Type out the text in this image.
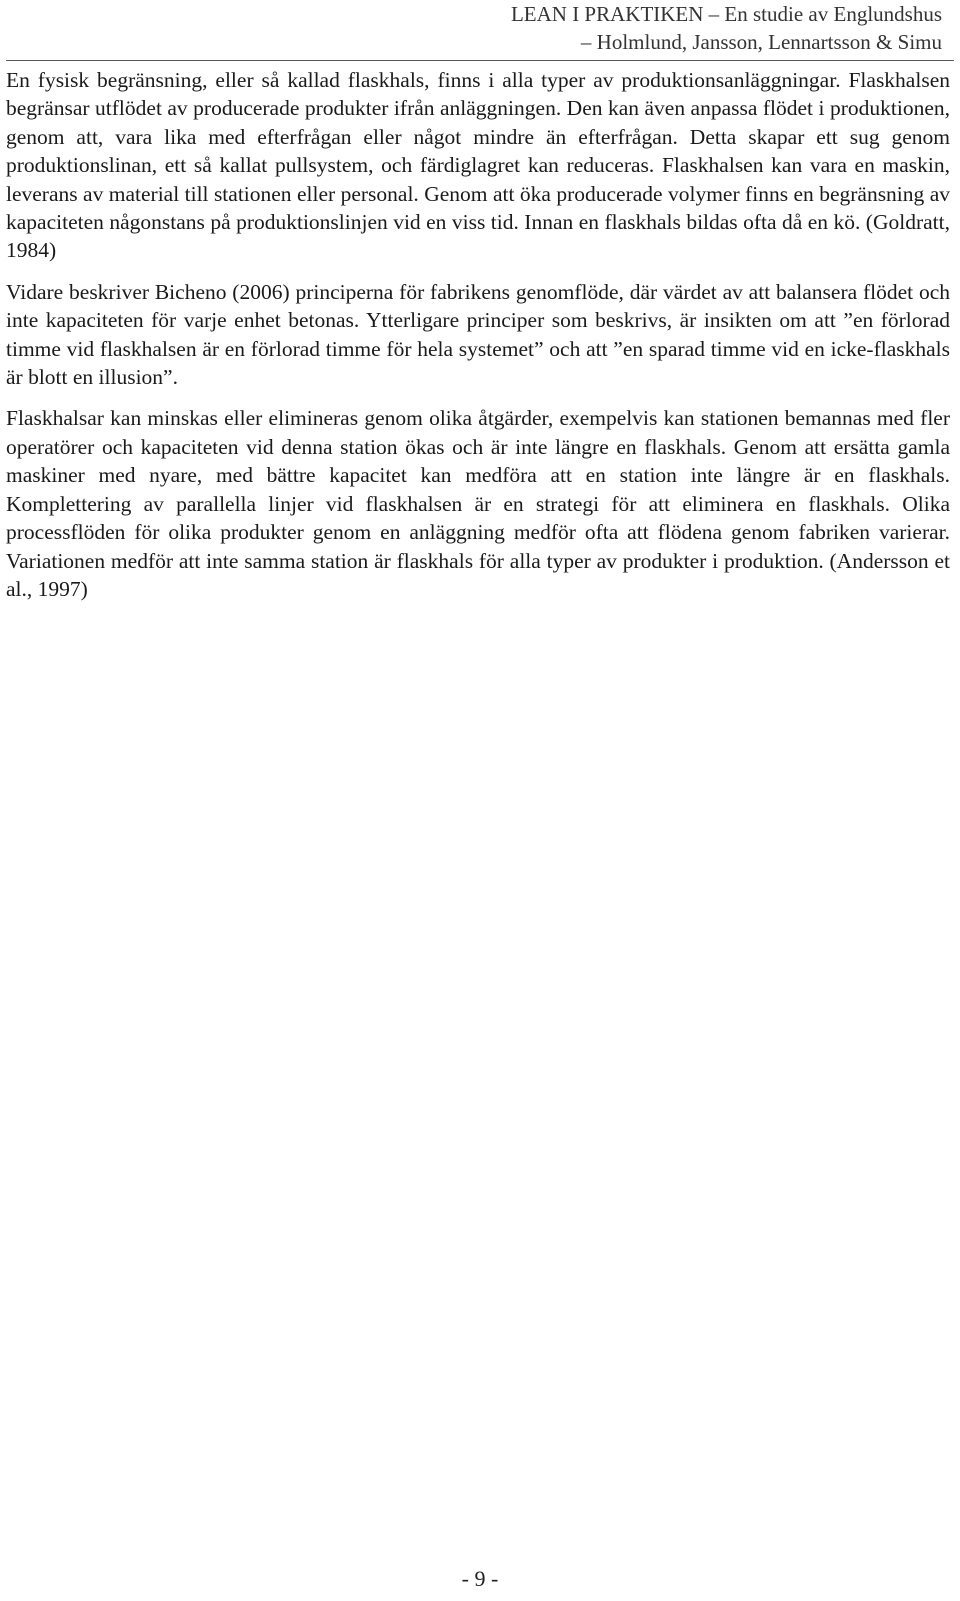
LEAN I PRAKTIKEN – En studie av Englundshus
– Holmlund, Jansson, Lennartsson & Simu

En fysisk begränsning, eller så kallad flaskhals, finns i alla typer av produktionsanläggningar. Flaskhalsen begränsar utflödet av producerade produkter ifrån anläggningen. Den kan även anpassa flödet i produktionen, genom att, vara lika med efterfrågan eller något mindre än efterfrågan. Detta skapar ett sug genom produktionslinan, ett så kallat pullsystem, och färdiglagret kan reduceras. Flaskhalsen kan vara en maskin, leverans av material till stationen eller personal. Genom att öka producerade volymer finns en begränsning av kapaciteten någonstans på produktionslinjen vid en viss tid. Innan en flaskhals bildas ofta då en kö. (Goldratt, 1984)

Vidare beskriver Bicheno (2006) principerna för fabrikens genomflöde, där värdet av att balansera flödet och inte kapaciteten för varje enhet betonas. Ytterligare principer som beskrivs, är insikten om att ”en förlorad timme vid flaskhalsen är en förlorad timme för hela systemet” och att ”en sparad timme vid en icke-flaskhals är blott en illusion”.

Flaskhalsar kan minskas eller elimineras genom olika åtgärder, exempelvis kan stationen bemannas med fler operatörer och kapaciteten vid denna station ökas och är inte längre en flaskhals. Genom att ersätta gamla maskiner med nyare, med bättre kapacitet kan medföra att en station inte längre är en flaskhals. Komplettering av parallella linjer vid flaskhalsen är en strategi för att eliminera en flaskhals. Olika processflöden för olika produkter genom en anläggning medför ofta att flödena genom fabriken varierar. Variationen medför att inte samma station är flaskhals för alla typer av produkter i produktion. (Andersson et al., 1997)

- 9 -
